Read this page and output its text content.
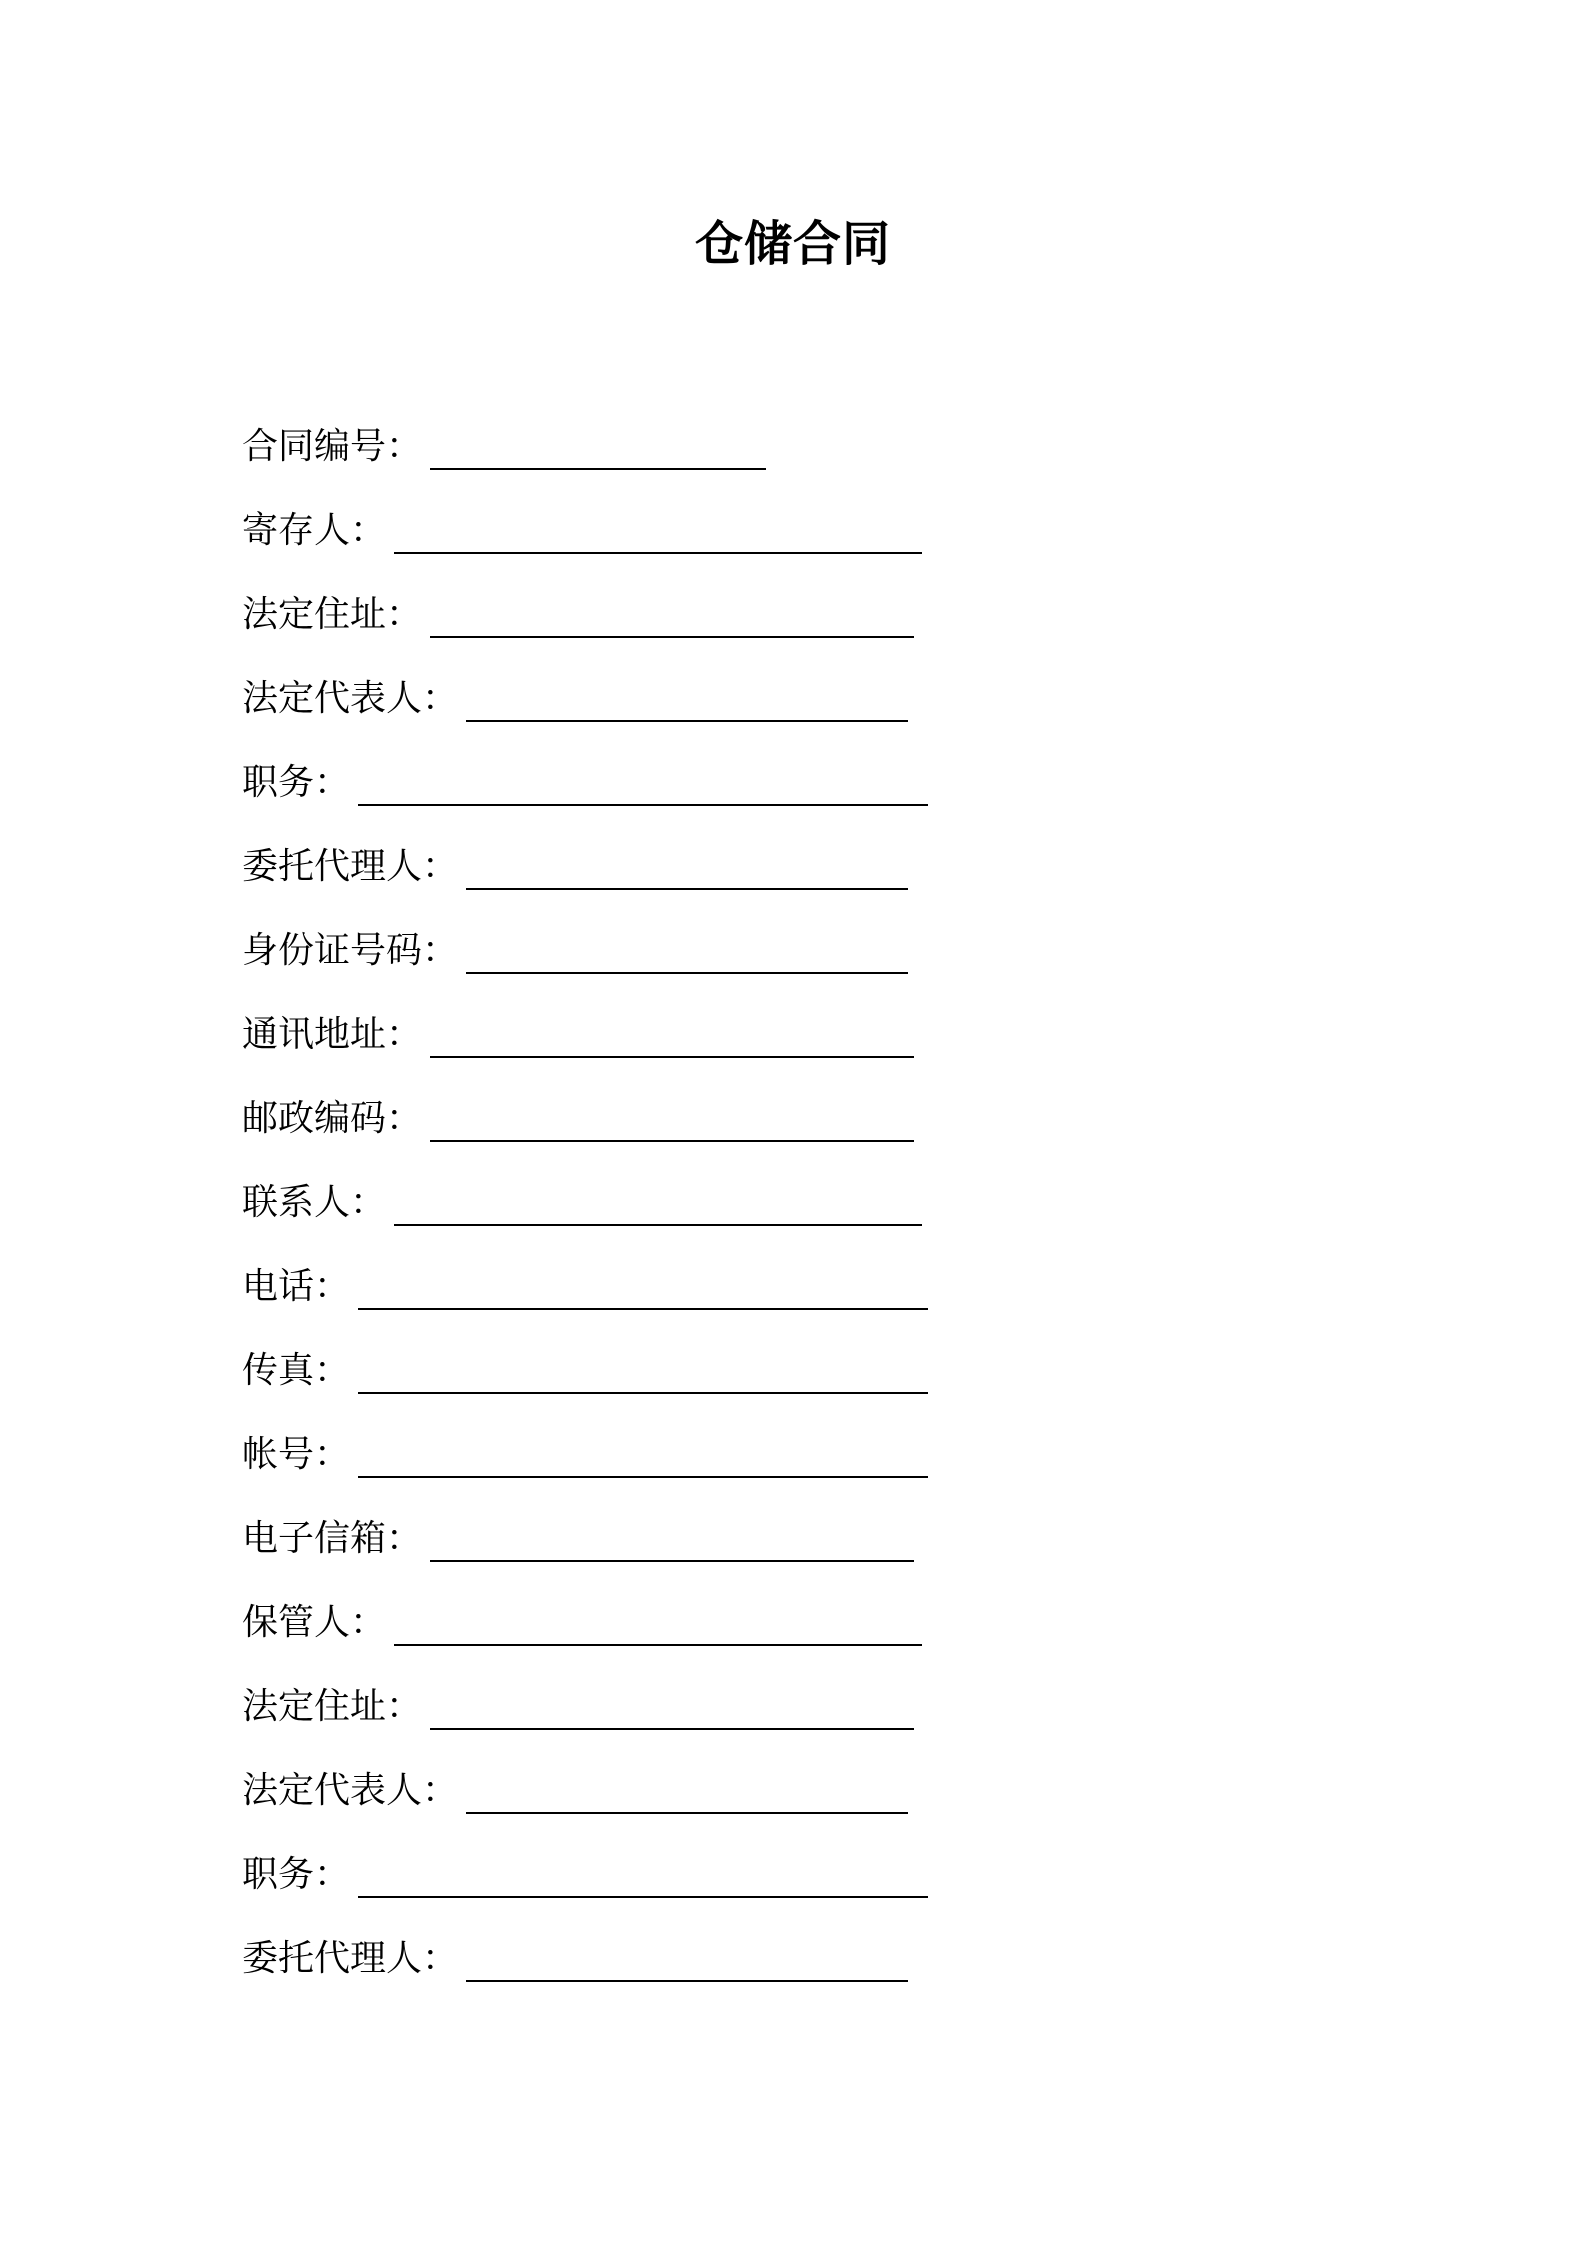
仓储合同
合同编号 ：
寄存人 ：
法定住址 ：
法定代表人 ：
职务 ：
委托代理人 ：
身份证号码 ：
通讯地址 ：
邮政编码 ：
联系人 ：
电话 ：
传真 ：
帐号 ：
电子信箱 ：
保管人 ：
法定住址 ：
法定代表人 ：
职务 ：
委托代理人 ：
